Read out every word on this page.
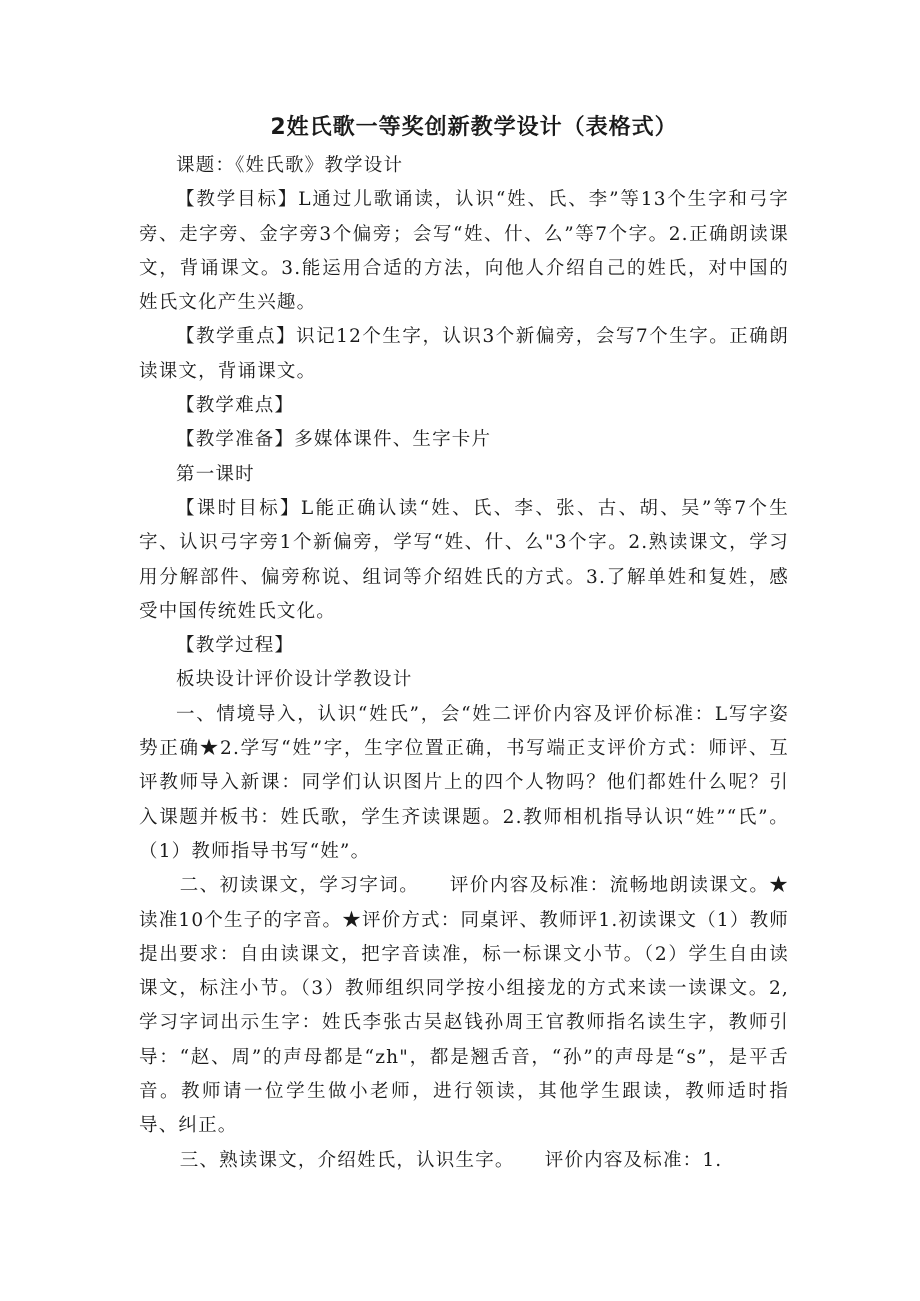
2姓氏歌一等奖创新教学设计（表格式）

课题：《姓氏歌》教学设计

【教学目标】L通过儿歌诵读，认识“姓、氏、李”等13个生字和弓字旁、走字旁、金字旁3个偏旁；会写“姓、什、么”等7个字。2.正确朗读课文，背诵课文。3.能运用合适的方法，向他人介绍自己的姓氏，对中国的姓氏文化产生兴趣。

【教学重点】识记12个生字，认识3个新偏旁，会写7个生字。正确朗读课文，背诵课文。

【教学难点】

【教学准备】多媒体课件、生字卡片

第一课时

【课时目标】L能正确认读“姓、氏、李、张、古、胡、吴”等7个生字、认识弓字旁1个新偏旁，学写“姓、什、么"3个字。2.熟读课文，学习用分解部件、偏旁称说、组词等介绍姓氏的方式。3.了解单姓和复姓，感受中国传统姓氏文化。

【教学过程】

板块设计评价设计学教设计

一、情境导入，认识“姓氏”，会“姓二评价内容及评价标准：L写字姿势正确★2.学写“姓”字，生字位置正确，书写端正支评价方式：师评、互评教师导入新课：同学们认识图片上的四个人物吗？他们都姓什么呢？引入课题并板书：姓氏歌，学生齐读课题。2.教师相机指导认识“姓”“氏”。（1）教师指导书写“姓”。

二、初读课文，学习字词。　　评价内容及标准：流畅地朗读课文。★读准10个生子的字音。★评价方式：同桌评、教师评1.初读课文（1）教师提出要求：自由读课文，把字音读准，标一标课文小节。（2）学生自由读课文，标注小节。（3）教师组织同学按小组接龙的方式来读一读课文。2,学习字词出示生字：姓氏李张古吴赵钱孙周王官教师指名读生字，教师引导：“赵、周”的声母都是“zh"，都是翘舌音，“孙”的声母是“s”，是平舌音。教师请一位学生做小老师，进行领读，其他学生跟读，教师适时指导、纠正。

三、熟读课文，介绍姓氏，认识生字。　　评价内容及标准：1.
